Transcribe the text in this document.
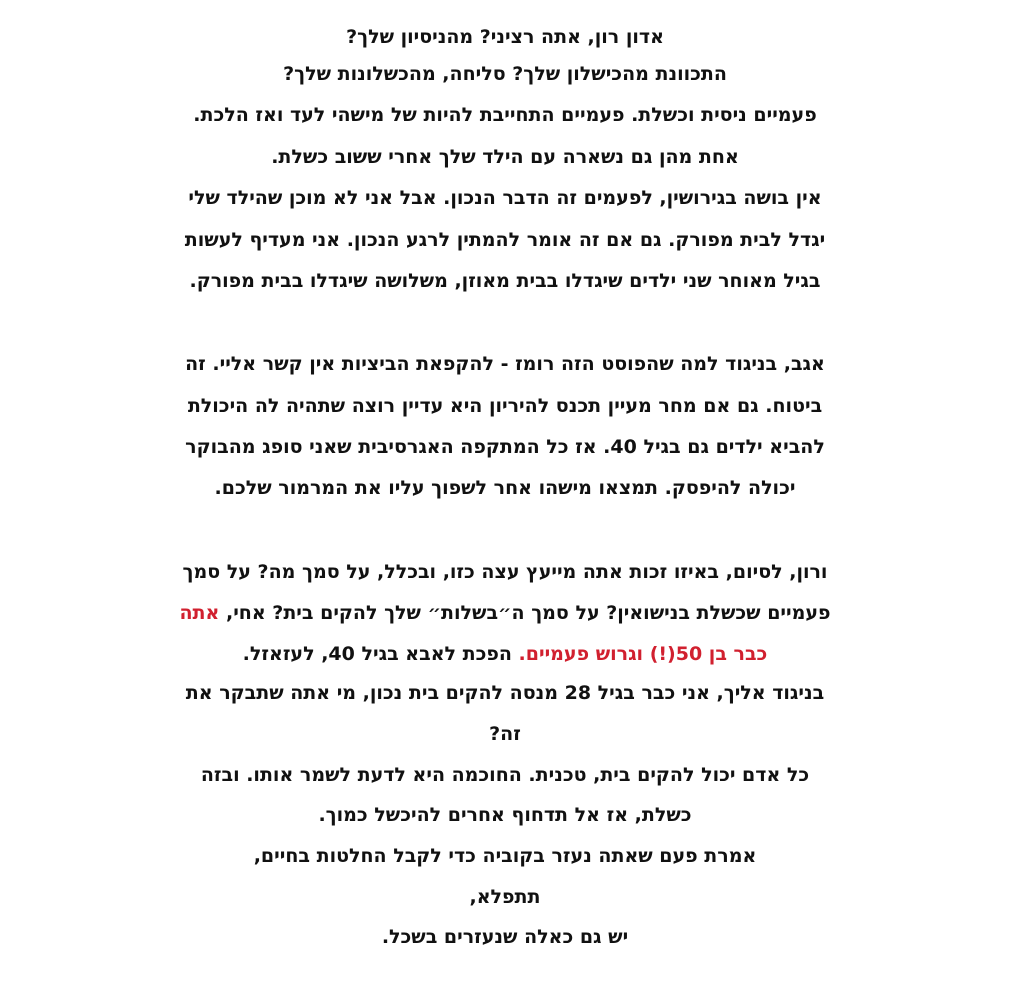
אדון רון, אתה רציני? מהניסיון שלך?
התכוונת מהכישלון שלך? סליחה, מהכשלונות שלך?
פעמיים ניסית וכשלת. פעמיים התחייבת להיות של מישהי לעד ואז הלכת.
אחת מהן גם נשארה עם הילד שלך אחרי ששוב כשלת.
אין בושה בגירושין, לפעמים זה הדבר הנכון. אבל אני לא מוכן שהילד שלי
יגדל לבית מפורק. גם אם זה אומר להמתין לרגע הנכון. אני מעדיף לעשות
בגיל מאוחר שני ילדים שיגדלו בבית מאוזן, משלושה שיגדלו בבית מפורק.
אגב, בניגוד למה שהפוסט הזה רומז - להקפאת הביציות אין קשר אליי. זה
ביטוח. גם אם מחר מעיין תכנס להיריון היא עדיין רוצה שתהיה לה היכולת
להביא ילדים גם בגיל 40. אז כל המתקפה האגרסיבית שאני סופג מהבוקר
יכולה להיפסק. תמצאו מישהו אחר לשפוך עליו את המרמור שלכם.
ורון, לסיום, באיזו זכות אתה מייעץ עצה כזו, ובכלל, על סמך מה? על סמך
פעמיים שכשלת בנישואין? על סמך ה״בשלות״ שלך להקים בית? אחי, אתה
כבר בן 50(!) וגרוש פעמיים. הפכת לאבא בגיל 40, לעזאזל.
בניגוד אליך, אני כבר בגיל 28 מנסה להקים בית נכון, מי אתה שתבקר את
זה?
כל אדם יכול להקים בית, טכנית. החוכמה היא לדעת לשמר אותו. ובזה
כשלת, אז אל תדחוף אחרים להיכשל כמוך.
אמרת פעם שאתה נעזר בקוביה כדי לקבל החלטות בחיים,
תתפלא,
יש גם כאלה שנעזרים בשכל.
